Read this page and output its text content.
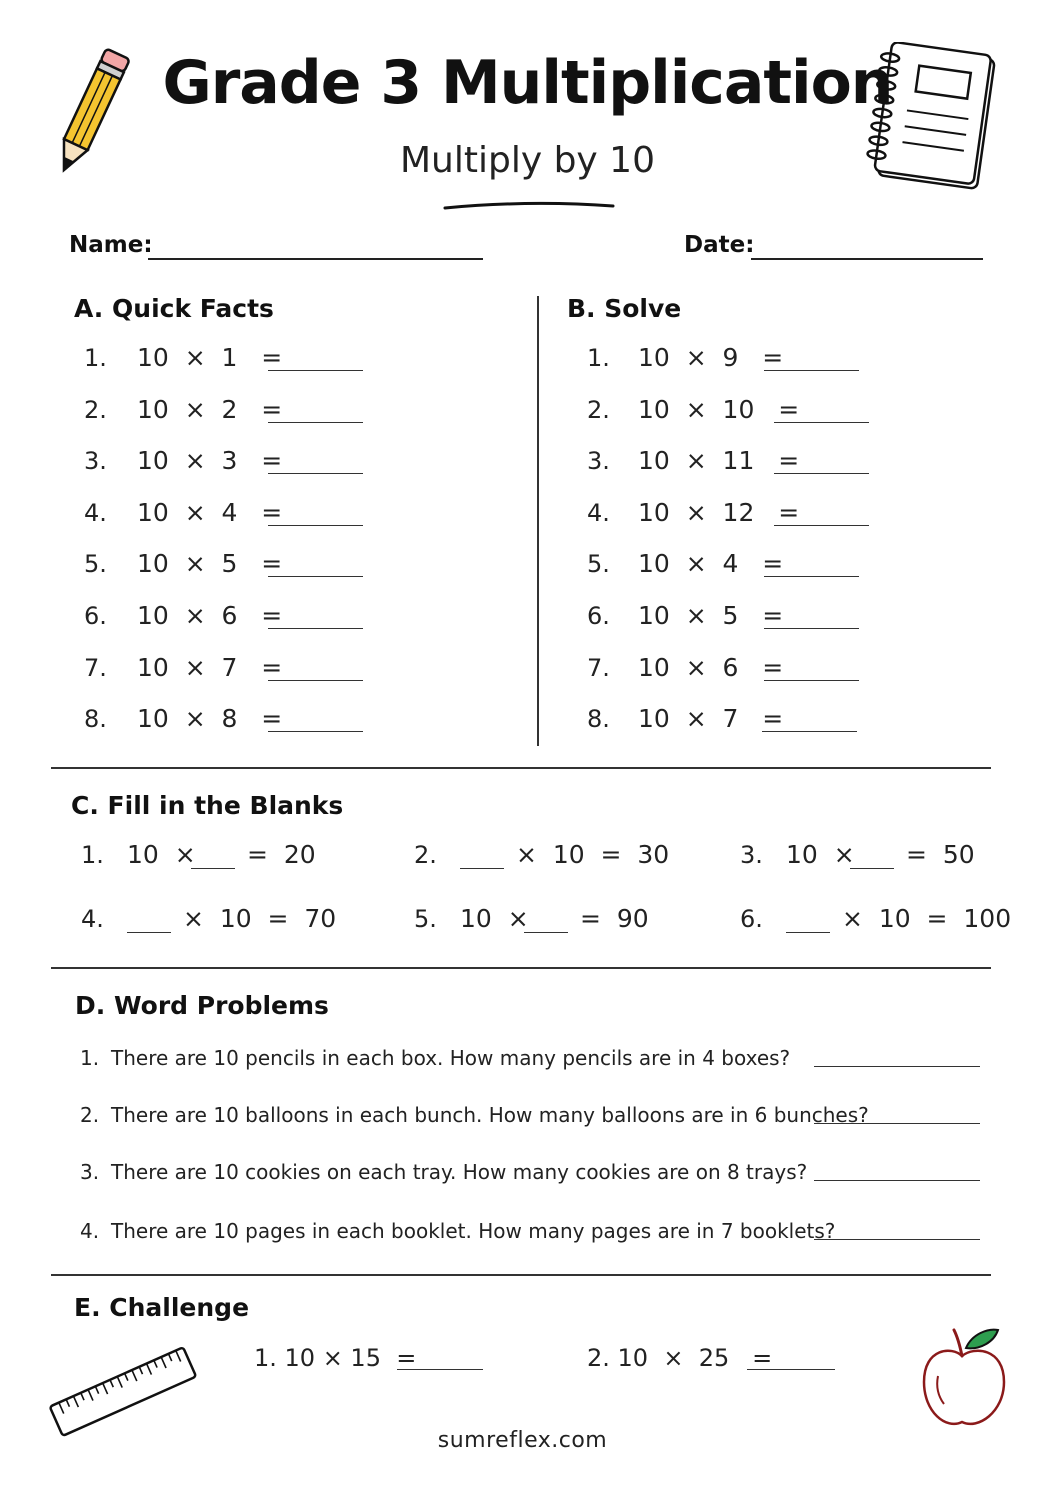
Grade 3 Multiplication
Multiply by 10
Name:	Date:
A. Quick Facts
1. 10  ×  1   =
2. 10  ×  2   =
3. 10  ×  3   =
4. 10  ×  4   =
5. 10  ×  5   =
6. 10  ×  6   =
7. 10  ×  7   =
8. 10  ×  8   =
B. Solve
1. 10  ×  9   =
2. 10  ×  10   =
3. 10  ×  11   =
4. 10  ×  12   =
5. 10  ×  4   =
6. 10  ×  5   =
7. 10  ×  6   =
8. 10  ×  7   =
C. Fill in the Blanks
1. 10  × =  20	2.	×  10  =  30	3. 10  × =  50
4.	×  10  =  70	5. 10  × =  90	6.	×  10  =  100
D. Word Problems
1. There are 10 pencils in each box. How many pencils are in 4 boxes?
2. There are 10 balloons in each bunch. How many balloons are in 6 bunches?
3. There are 10 cookies on each tray. How many cookies are on 8 trays?
4. There are 10 pages in each booklet. How many pages are in 7 booklets?
E. Challenge
1. 10 × 15  =	2. 10  ×  25   =
sumreflex.com
